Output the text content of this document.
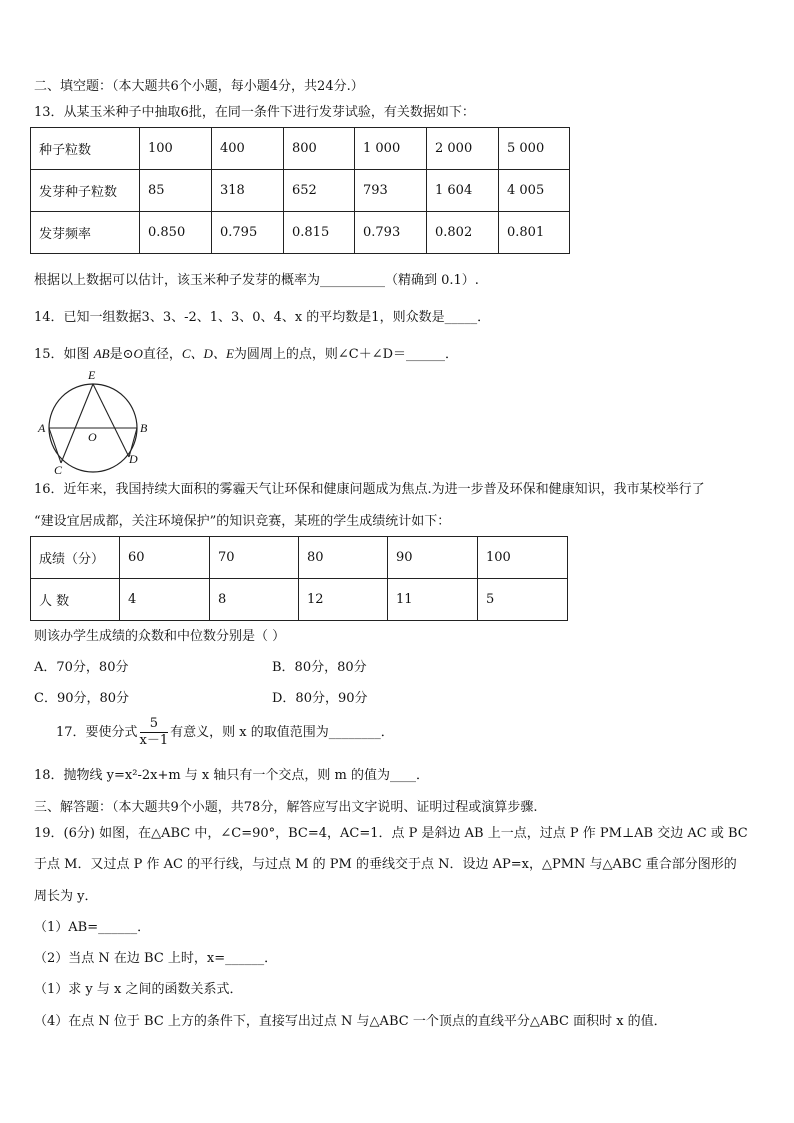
二、填空题：（本大题共6个小题，每小题4分，共24分.）
13．从某玉米种子中抽取6批，在同一条件下进行发芽试验，有关数据如下：
种子粒数	100	400	800	1 000	2 000	5 000
发芽种子粒数	85	318	652	793	1 604	4 005
发芽频率	0.850	0.795	0.815	0.793	0.802	0.801
根据以上数据可以估计，该玉米种子发芽的概率为__________（精确到 0.1）.
14．已知一组数据3、3、-2、1、3、0、4、x 的平均数是1，则众数是_____．
15．如图 AB是⊙O直径，C、D、E为圆周上的点，则∠C＋∠D＝______．
E
A
O
B
C
D
16．近年来，我国持续大面积的雾霾天气让环保和健康问题成为焦点.为进一步普及环保和健康知识，我市某校举行了
“建设宜居成都，关注环境保护”的知识竞赛，某班的学生成绩统计如下：
成绩（分）	60	70	80	90	100
人 数	4	8	12	11	5
则该办学生成绩的众数和中位数分别是（ ）
A．70分，80分	B．80分，80分
C．90分，80分	D．80分，90分
17．要使分式 $\frac{5}{x-1}$ 有意义，则 x 的取值范围为________．
18．抛物线 y=x²-2x+m 与 x 轴只有一个交点，则 m 的值为____．
三、解答题：（本大题共9个小题，共78分，解答应写出文字说明、证明过程或演算步骤.
19．(6分) 如图，在△ABC 中，∠C=90°，BC=4，AC=1．点 P 是斜边 AB 上一点，过点 P 作 PM⊥AB 交边 AC 或 BC
于点 M．又过点 P 作 AC 的平行线，与过点 M 的 PM 的垂线交于点 N．设边 AP=x，△PMN 与△ABC 重合部分图形的
周长为 y．
（1）AB=______．
（2）当点 N 在边 BC 上时，x=______．
（1）求 y 与 x 之间的函数关系式．
（4）在点 N 位于 BC 上方的条件下，直接写出过点 N 与△ABC 一个顶点的直线平分△ABC 面积时 x 的值．
